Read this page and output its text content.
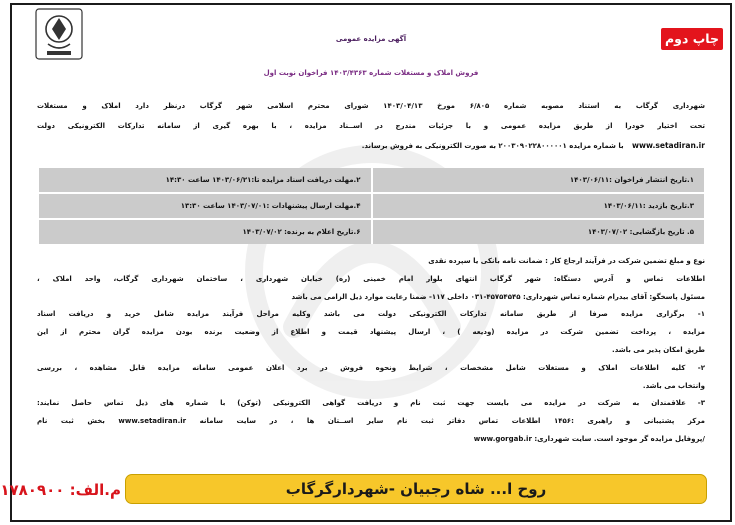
چاپ دوم
آگهی مزایده عمومی
فروش املاک و مستغلات شماره ۱۴۰۳/۴۳۶۳ فراخوان نوبت اول
شهرداری گرگاب به استناد مصوبه شماره ۶/۸۰۵ مورخ ۱۴۰۳/۰۴/۱۳ شورای محترم اسلامی شهر گرگاب درنظر دارد املاک و مستغلات
تحت اختیار خودرا از طریق مزایده عمومی و با جزئیات مندرج در اســناد مزایده ، با بهره گیری از سامانه تدارکات الکترونیکی دولت
www.setadiran.ir با شماره مزایده ۲۰۰۳۰۹۰۲۲۸۰۰۰۰۰۱ به صورت الکترونیکی به فروش برساند.
۱.تاریخ انتشار فراخوان :۱۴۰۳/۰۶/۱۱
۲.مهلت دریافت اسناد مزایده تا:۱۴۰۳/۰۶/۲۱ ساعت ۱۴:۳۰
۳.تاریخ بازدید :۱۴۰۳/۰۶/۱۱
۴.مهلت ارسال پیشنهادات :۱۴۰۳/۰۷/۰۱ ساعت ۱۳:۳۰
۵. تاریخ بازگشایی: ۱۴۰۳/۰۷/۰۲
۶.تاریخ اعلام به برنده: ۱۴۰۳/۰۷/۰۲
نوع و مبلغ تضمین شرکت در فرآیند ارجاع کار : ضمانت نامه بانکی یا سپرده نقدی
اطلاعات تماس و آدرس دستگاه: شهر گرگاب انتهای بلوار امام خمینی (ره) خیابان شهرداری ، ساختمان شهرداری گرگاب، واحد املاک ،
مسئول پاسخگو: آقای بیدرام شماره تماس شهرداری: ۴۵۷۵۴۵۴۵-۰۳۱ داخلی ۱۱۷- ضمنا رعایت موارد ذیل الزامی می باشد
۱- برگزاری مزایده صرفا از طریق سامانه تدارکات الکترونیکی دولت می باشد وکلیه مراحل فرآیند مزایده شامل خرید و دریافت اسناد
مزایده ، پرداخت تضمین شرکت در مزایده (ودیعه ) ، ارسال پیشنهاد قیمت و اطلاع از وضعیت برنده بودن مزایده گران محترم از این
طریق امکان پذیر می باشد.
۲- کلیه اطلاعات املاک و مستغلات شامل مشخصات ، شرایط ونحوه فروش در برد اعلان عمومی سامانه مزایده قابل مشاهده ، بررسی
وانتخاب می باشد.
۳- علاقمندان به شرکت در مزایده می بایست جهت ثبت نام و دریافت گواهی الکترونیکی (توکن) با شماره های ذیل تماس حاصل نمایند:
مرکز پشتیبانی و راهبری :۱۴۵۶ اطلاعات تماس دفاتر ثبت نام سایر اســتان ها ، در سایت سامانه www.setadiran.ir بخش ثبت نام
/پروفایل مزایده گر موجود است. سایت شهرداری: www.gorgab.ir
روح ا... شاه رجبیان -شهردارگرگاب
م.الف: ۱۷۸۰۹۰۰
